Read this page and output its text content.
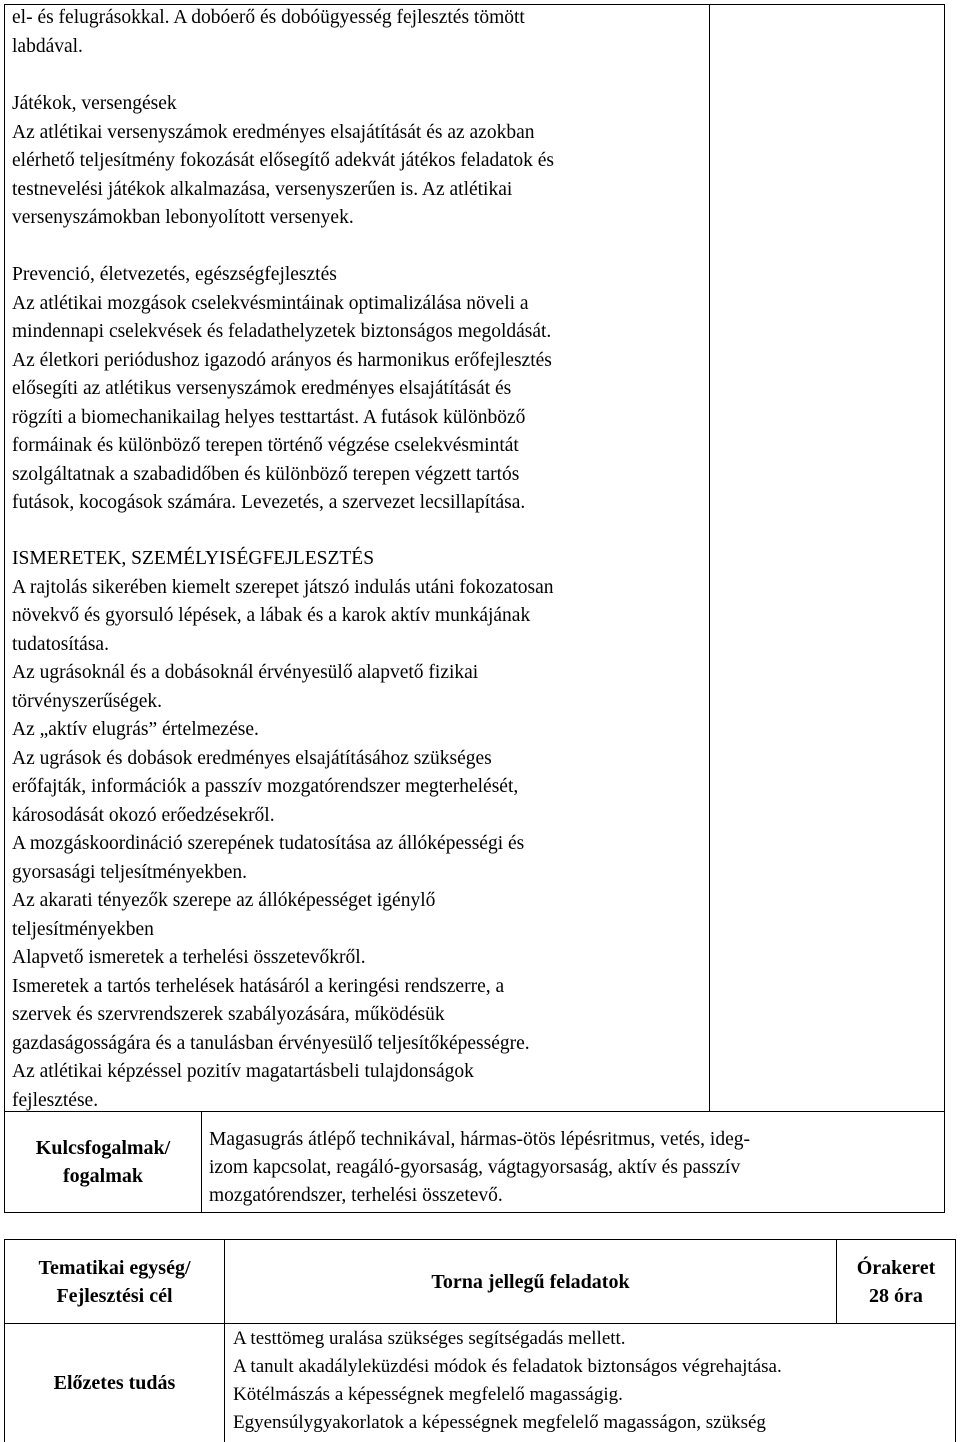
el- és felugrásokkal. A dobóerő és dobóügyesség fejlesztés tömött
labdával.
Játékok, versengések
Az atlétikai versenyszámok eredményes elsajátítását és az azokban
elérhető teljesítmény fokozását elősegítő adekvát játékos feladatok és
testnevelési játékok alkalmazása, versenyszerűen is. Az atlétikai
versenyszámokban lebonyolított versenyek.
Prevenció, életvezetés, egészségfejlesztés
Az atlétikai mozgások cselekvésmintáinak optimalizálása növeli a
mindennapi cselekvések és feladathelyzetek biztonságos megoldását.
Az életkori periódushoz igazodó arányos és harmonikus erőfejlesztés
elősegíti az atlétikus versenyszámok eredményes elsajátítását és
rögzíti a biomechanikailag helyes testtartást. A futások különböző
formáinak és különböző terepen történő végzése cselekvésmintát
szolgáltatnak a szabadidőben és különböző terepen végzett tartós
futások, kocogások számára. Levezetés, a szervezet lecsillapítása.
ISMERETEK, SZEMÉLYISÉGFEJLESZTÉS
A rajtolás sikerében kiemelt szerepet játszó indulás utáni fokozatosan
növekvő és gyorsuló lépések, a lábak és a karok aktív munkájának
tudatosítása.
Az ugrásoknál és a dobásoknál érvényesülő alapvető fizikai
törvényszerűségek.
Az „aktív elugrás” értelmezése.
Az ugrások és dobások eredményes elsajátításához szükséges
erőfajták, információk a passzív mozgatórendszer megterhelését,
károsodását okozó erőedzésekről.
A mozgáskoordináció szerepének tudatosítása az állóképességi és
gyorsasági teljesítményekben.
Az akarati tényezők szerepe az állóképességet igénylő
teljesítményekben
Alapvető ismeretek a terhelési összetevőkről.
Ismeretek a tartós terhelések hatásáról a keringési rendszerre, a
szervek és szervrendszerek szabályozására, működésük
gazdaságosságára és a tanulásban érvényesülő teljesítőképességre.
Az atlétikai képzéssel pozitív magatartásbeli tulajdonságok
fejlesztése.
Kulcsfogalmak/
fogalmak
Magasugrás átlépő technikával, hármas-ötös lépésritmus, vetés, ideg-
izom kapcsolat, reagáló-gyorsaság, vágtagyorsaság, aktív és passzív
mozgatórendszer, terhelési összetevő.
Tematikai egység/
Fejlesztési cél
Torna jellegű feladatok
Órakeret
28 óra
Előzetes tudás
A testtömeg uralása szükséges segítségadás mellett.
A tanult akadályleküzdési módok és feladatok biztonságos végrehajtása.
Kötélmászás a képességnek megfelelő magasságig.
Egyensúlygyakorlatok a képességnek megfelelő magasságon, szükség
